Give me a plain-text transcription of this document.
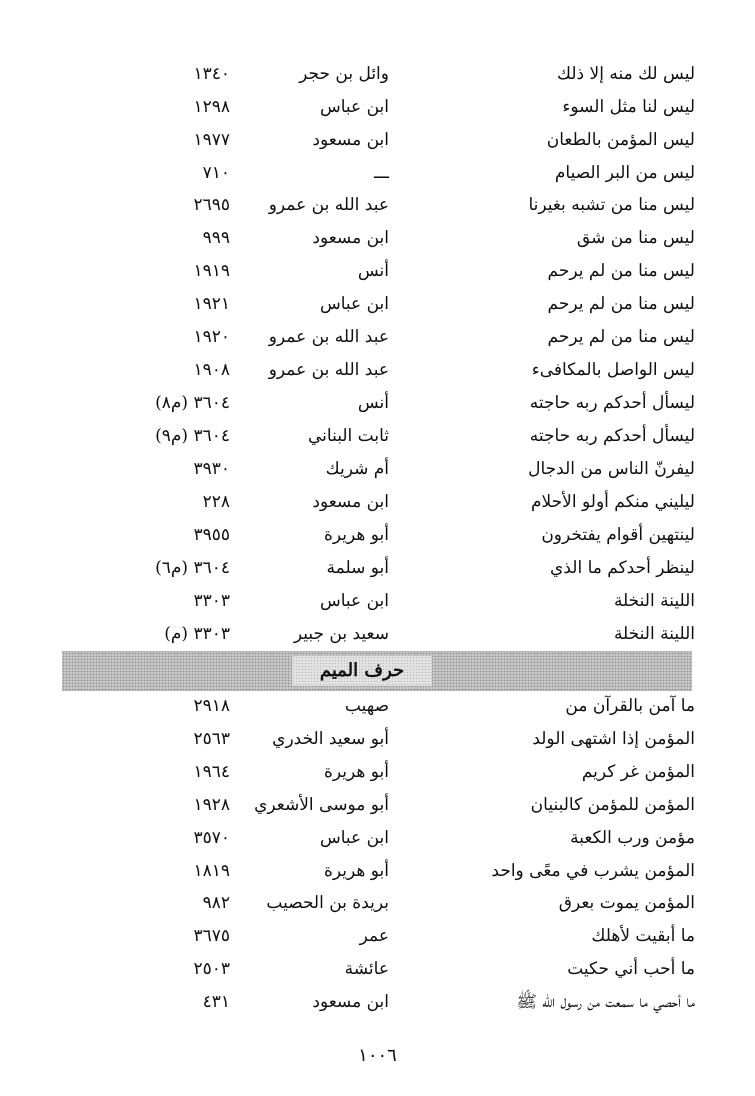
ليس لك منه إلا ذلك
وائل بن حجر
١٣٤٠
ليس لنا مثل السوء
ابن عباس
١٢٩٨
ليس المؤمن بالطعان
ابن مسعود
١٩٧٧
ليس من البر الصيام
ـــ
٧١٠
ليس منا من تشبه بغيرنا
عبد الله بن عمرو
٢٦٩٥
ليس منا من شق
ابن مسعود
٩٩٩
ليس منا من لم يرحم
أنس
١٩١٩
ليس منا من لم يرحم
ابن عباس
١٩٢١
ليس منا من لم يرحم
عبد الله بن عمرو
١٩٢٠
ليس الواصل بالمكافىء
عبد الله بن عمرو
١٩٠٨
ليسأل أحدكم ربه حاجته
أنس
٣٦٠٤ (م٨)
ليسأل أحدكم ربه حاجته
ثابت البناني
٣٦٠٤ (م٩)
ليفرنّ الناس من الدجال
أم شريك
٣٩٣٠
ليليني منكم أولو الأحلام
ابن مسعود
٢٢٨
لينتهين أقوام يفتخرون
أبو هريرة
٣٩٥٥
لينظر أحدكم ما الذي
أبو سلمة
٣٦٠٤ (م٦)
اللينة النخلة
ابن عباس
٣٣٠٣
اللينة النخلة
سعيد بن جبير
٣٣٠٣ (م)
حرف الميم
ما آمن بالقرآن من
صهيب
٢٩١٨
المؤمن إذا اشتهى الولد
أبو سعيد الخدري
٢٥٦٣
المؤمن غر كريم
أبو هريرة
١٩٦٤
المؤمن للمؤمن كالبنيان
أبو موسى الأشعري
١٩٢٨
مؤمن ورب الكعبة
ابن عباس
٣٥٧٠
المؤمن يشرب في معًى واحد
أبو هريرة
١٨١٩
المؤمن يموت بعرق
بريدة بن الحصيب
٩٨٢
ما أبقيت لأهلك
عمر
٣٦٧٥
ما أحب أني حكيت
عائشة
٢٥٠٣
ما أحصي ما سمعت من رسول الله ﷺ
ابن مسعود
٤٣١
١٠٠٦
